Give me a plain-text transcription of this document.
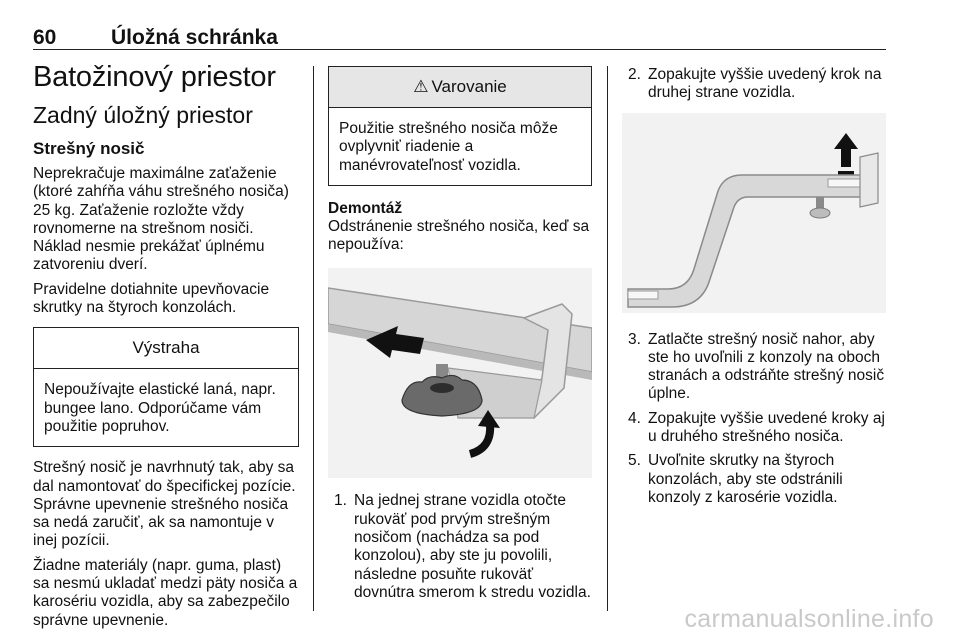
60	Úložná schránka
Batožinový priestor
Zadný úložný priestor
Strešný nosič

Neprekračuje maximálne zaťaženie (ktoré zahŕňa váhu strešného nosiča) 25 kg. Zaťaženie rozložte vždy rovnomerne na strešnom nosiči. Náklad nesmie prekážať úplnému zatvoreniu dverí.

Pravidelne dotiahnite upevňovacie skrutky na štyroch konzolách.

Výstraha

Nepoužívajte elastické laná, napr. bungee lano. Odporúčame vám použitie popruhov.

Strešný nosič je navrhnutý tak, aby sa dal namontovať do špecifickej pozície. Správne upevnenie strešného nosiča sa nedá zaručiť, ak sa namontuje v inej pozícii.

Žiadne materiály (napr. guma, plast) sa nesmú ukladať medzi päty nosiča a karosériu vozidla, aby sa zabezpečilo správne upevnenie.

⚠ Varovanie

Použitie strešného nosiča môže ovplyvniť riadenie a manévrovateľnosť vozidla.

Demontáž

Odstránenie strešného nosiča, keď sa nepoužíva:

1. Na jednej strane vozidla otočte rukoväť pod prvým strešným nosičom (nachádza sa pod konzolou), aby ste ju povolili, následne posuňte rukoväť dovnútra smerom k stredu vozidla.
2. Zopakujte vyššie uvedený krok na druhej strane vozidla.
3. Zatlačte strešný nosič nahor, aby ste ho uvoľnili z konzoly na oboch stranách a odstráňte strešný nosič úplne.
4. Zopakujte vyššie uvedené kroky aj u druhého strešného nosiča.
5. Uvoľnite skrutky na štyroch konzolách, aby ste odstránili konzoly z karosérie vozidla.
carmanualsonline.info
